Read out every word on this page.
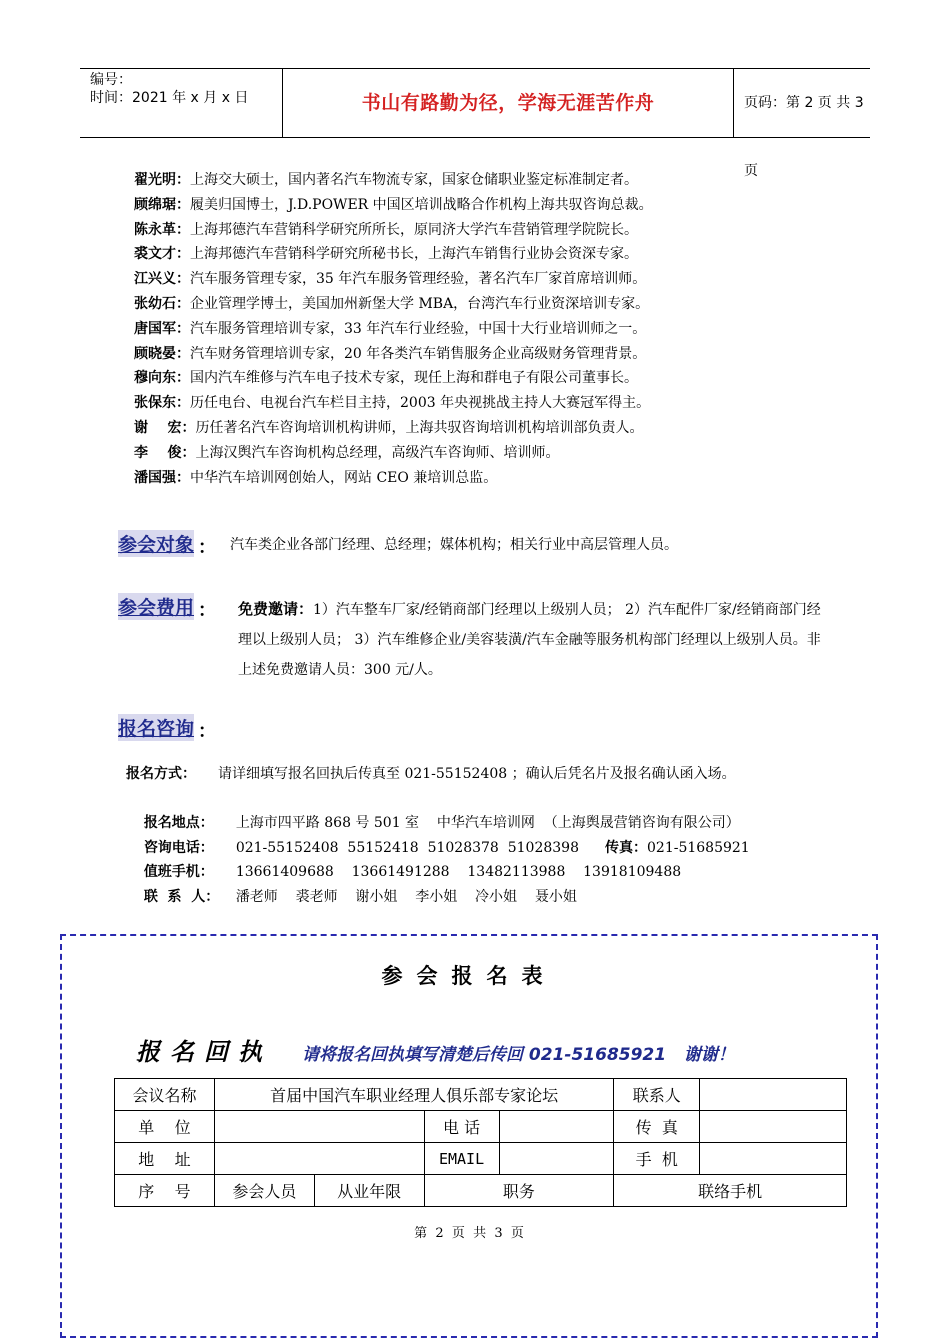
编号：
时间：2021 年 x 月 x 日	书山有路勤为径，学海无涯苦作舟	页码：第 2 页 共 3 页
翟光明：上海交大硕士，国内著名汽车物流专家，国家仓储职业鉴定标准制定者。
顾绵琚：履美归国博士，J.D.POWER 中国区培训战略合作机构上海共驭咨询总裁。
陈永革：上海邦德汽车营销科学研究所所长，原同济大学汽车营销管理学院院长。
裘文才：上海邦德汽车营销科学研究所秘书长，上海汽车销售行业协会资深专家。
江兴义：汽车服务管理专家，35 年汽车服务管理经验，著名汽车厂家首席培训师。
张幼石：企业管理学博士，美国加州新堡大学 MBA，台湾汽车行业资深培训专家。
唐国军：汽车服务管理培训专家，33 年汽车行业经验，中国十大行业培训师之一。
顾晓晏：汽车财务管理培训专家，20 年各类汽车销售服务企业高级财务管理背景。
穆向东：国内汽车维修与汽车电子技术专家，现任上海和群电子有限公司董事长。
张保东：历任电台、电视台汽车栏目主持，2003 年央视挑战主持人大赛冠军得主。
谢    宏：历任著名汽车咨询培训机构讲师，上海共驭咨询培训机构培训部负责人。
李    俊：上海汉舆汽车咨询机构总经理，高级汽车咨询师、培训师。
潘国强：中华汽车培训网创始人，网站 CEO 兼培训总监。
参会对象 ： 汽车类企业各部门经理、总经理；媒体机构；相关行业中高层管理人员。
参会费用 ： 免费邀请：1）汽车整车厂家/经销商部门经理以上级别人员； 2）汽车配件厂家/经销商部门经理以上级别人员； 3）汽车维修企业/美容装潢/汽车金融等服务机构部门经理以上级别人员。非上述免费邀请人员：300 元/人。
报名咨询 ：
报名方式： 请详细填写报名回执后传真至 021-55152408 ；确认后凭名片及报名确认函入场。

报名地点： 上海市四平路 868 号 501 室    中华汽车培训网  （上海舆晟营销咨询有限公司）

咨询电话： 021-55152408  55152418  51028378  51028398 传真：021-51685921

值班手机： 13661409688    13661491288    13482113988    13918109488

联  系  人： 潘老师    裘老师    谢小姐    李小姐    冷小姐    聂小姐

参会报名表
报名回执 请将报名回执填写清楚后传回 021-51685921   谢谢！
会议名称	首届中国汽车职业经理人俱乐部专家论坛				联系人	
单    位			电 话		传  真	
地    址			EMAIL		手  机	
序    号	参会人员	从业年限	职务		联络手机	
第  2  页  共  3  页
